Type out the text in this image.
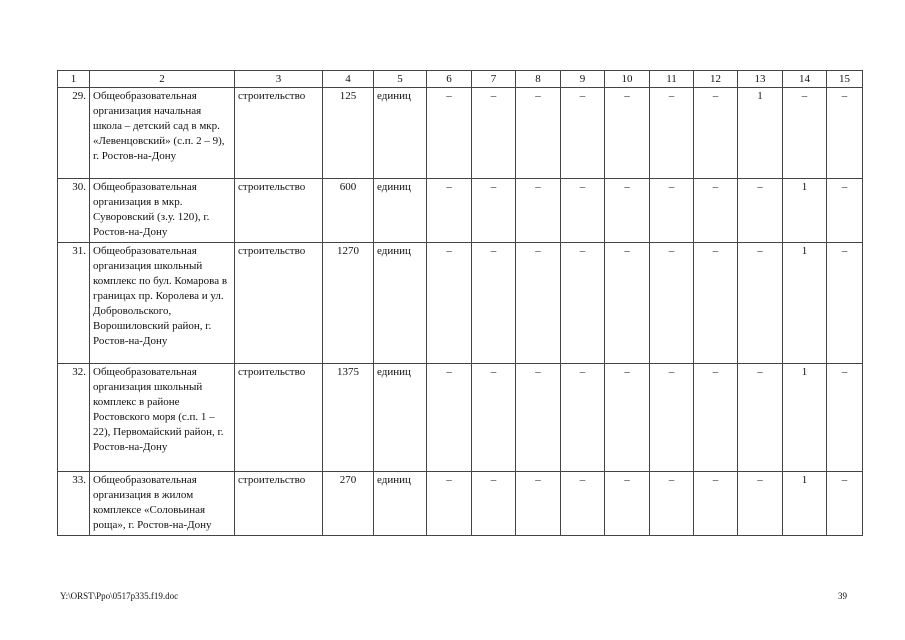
1	2	3	4	5	6	7	8	9	10	11	12	13	14	15
29.	Общеобразовательная организация начальная школа – детский сад в мкр. «Левенцовский» (с.п. 2 – 9), г. Ростов-на-Дону	строительство	125	единиц	–	–	–	–	–	–	–	1	–	–
30.	Общеобразовательная организация в мкр. Суворовский (з.у. 120), г. Ростов-на-Дону	строительство	600	единиц	–	–	–	–	–	–	–	–	1	–
31.	Общеобразовательная организация школьный комплекс по бул. Комарова в границах пр. Королева и ул. Добровольского, Ворошиловский район, г. Ростов-на-Дону	строительство	1270	единиц	–	–	–	–	–	–	–	–	1	–
32.	Общеобразовательная организация школьный комплекс в районе Ростовского моря (с.п. 1 – 22), Первомайский район, г. Ростов-на-Дону	строительство	1375	единиц	–	–	–	–	–	–	–	–	1	–
33.	Общеобразовательная организация в жилом комплексе «Соловьиная роща», г. Ростов-на-Дону	строительство	270	единиц	–	–	–	–	–	–	–	–	1	–
Y:\ORST\Ppo\0517p335.f19.doc	39
